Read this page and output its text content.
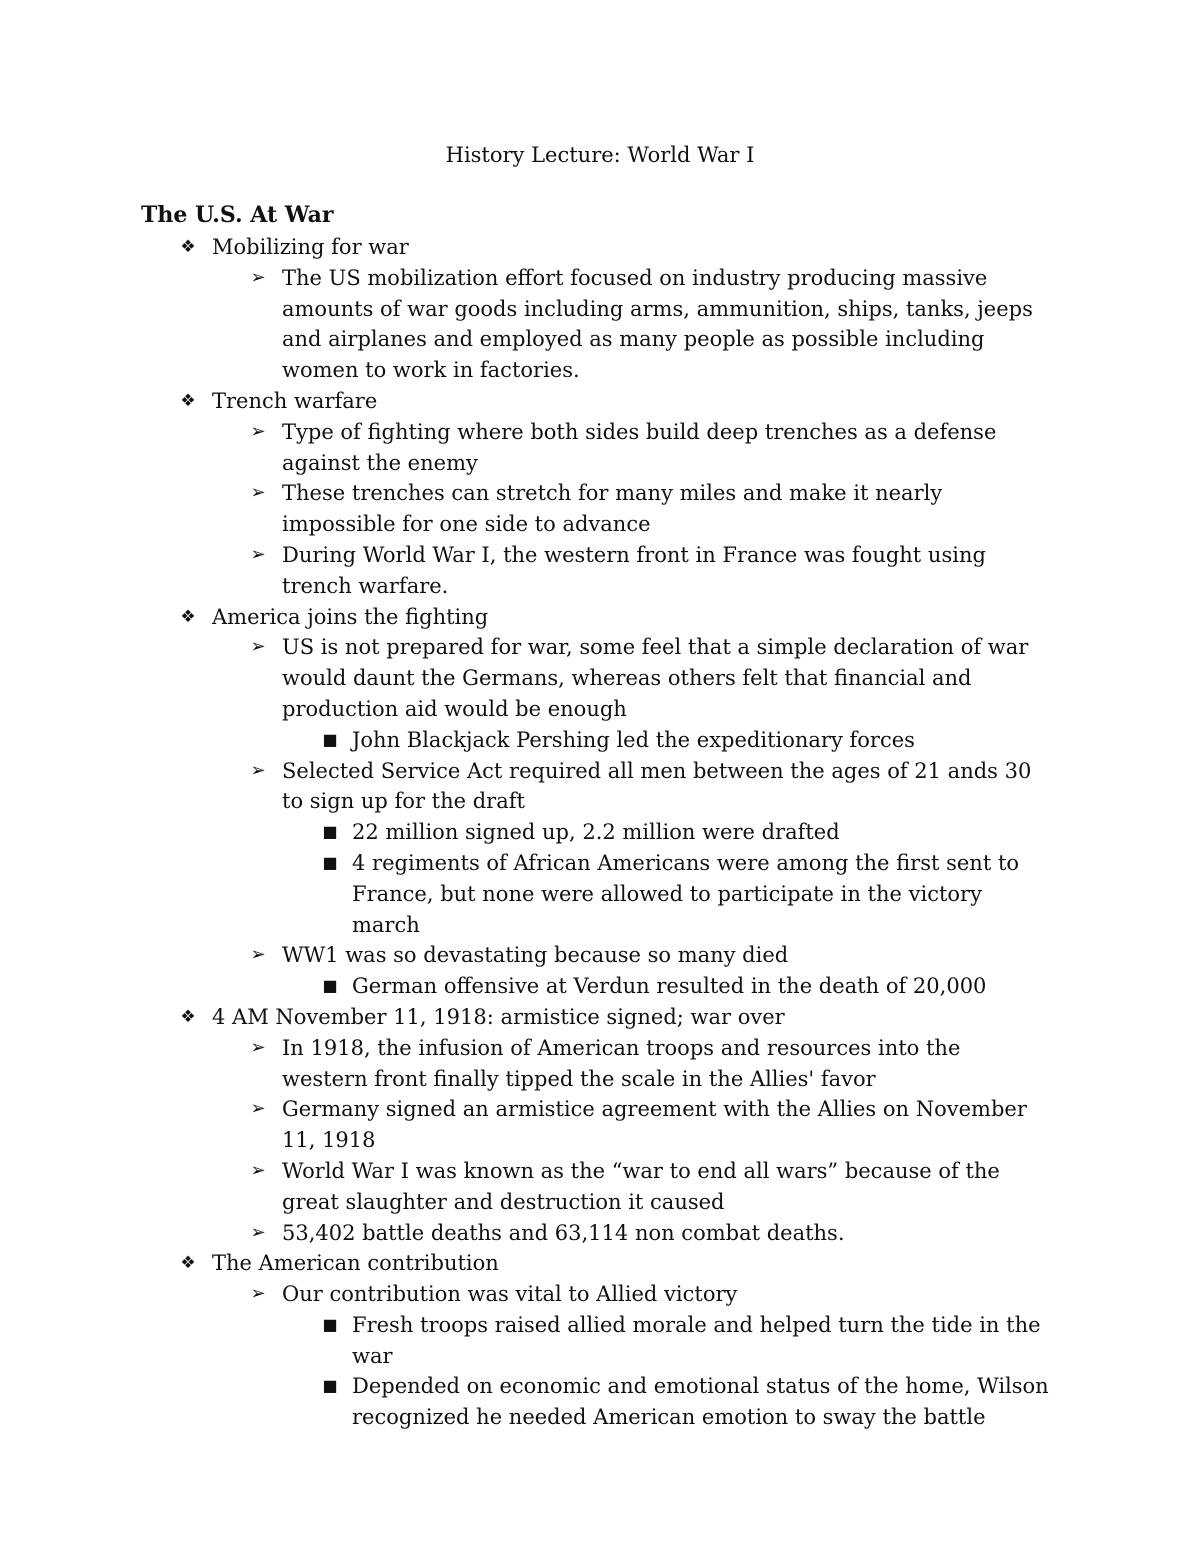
History Lecture: World War I
The U.S. At War
❖ Mobilizing for war
➢ The US mobilization effort focused on industry producing massive amounts of war goods including arms, ammunition, ships, tanks, jeeps and airplanes and employed as many people as possible including women to work in factories.
❖ Trench warfare
➢ Type of fighting where both sides build deep trenches as a defense against the enemy
➢ These trenches can stretch for many miles and make it nearly impossible for one side to advance
➢ During World War I, the western front in France was fought using trench warfare.
❖ America joins the fighting
➢ US is not prepared for war, some feel that a simple declaration of war would daunt the Germans, whereas others felt that financial and production aid would be enough
■ John Blackjack Pershing led the expeditionary forces
➢ Selected Service Act required all men between the ages of 21 ands 30 to sign up for the draft
■ 22 million signed up, 2.2 million were drafted
■ 4 regiments of African Americans were among the first sent to France, but none were allowed to participate in the victory march
➢ WW1 was so devastating because so many died
■ German offensive at Verdun resulted in the death of 20,000
❖ 4 AM November 11, 1918: armistice signed; war over
➢ In 1918, the infusion of American troops and resources into the western front finally tipped the scale in the Allies' favor
➢ Germany signed an armistice agreement with the Allies on November 11, 1918
➢ World War I was known as the “war to end all wars” because of the great slaughter and destruction it caused
➢ 53,402 battle deaths and 63,114 non combat deaths.
❖ The American contribution
➢ Our contribution was vital to Allied victory
■ Fresh troops raised allied morale and helped turn the tide in the war
■ Depended on economic and emotional status of the home, Wilson recognized he needed American emotion to sway the battle
